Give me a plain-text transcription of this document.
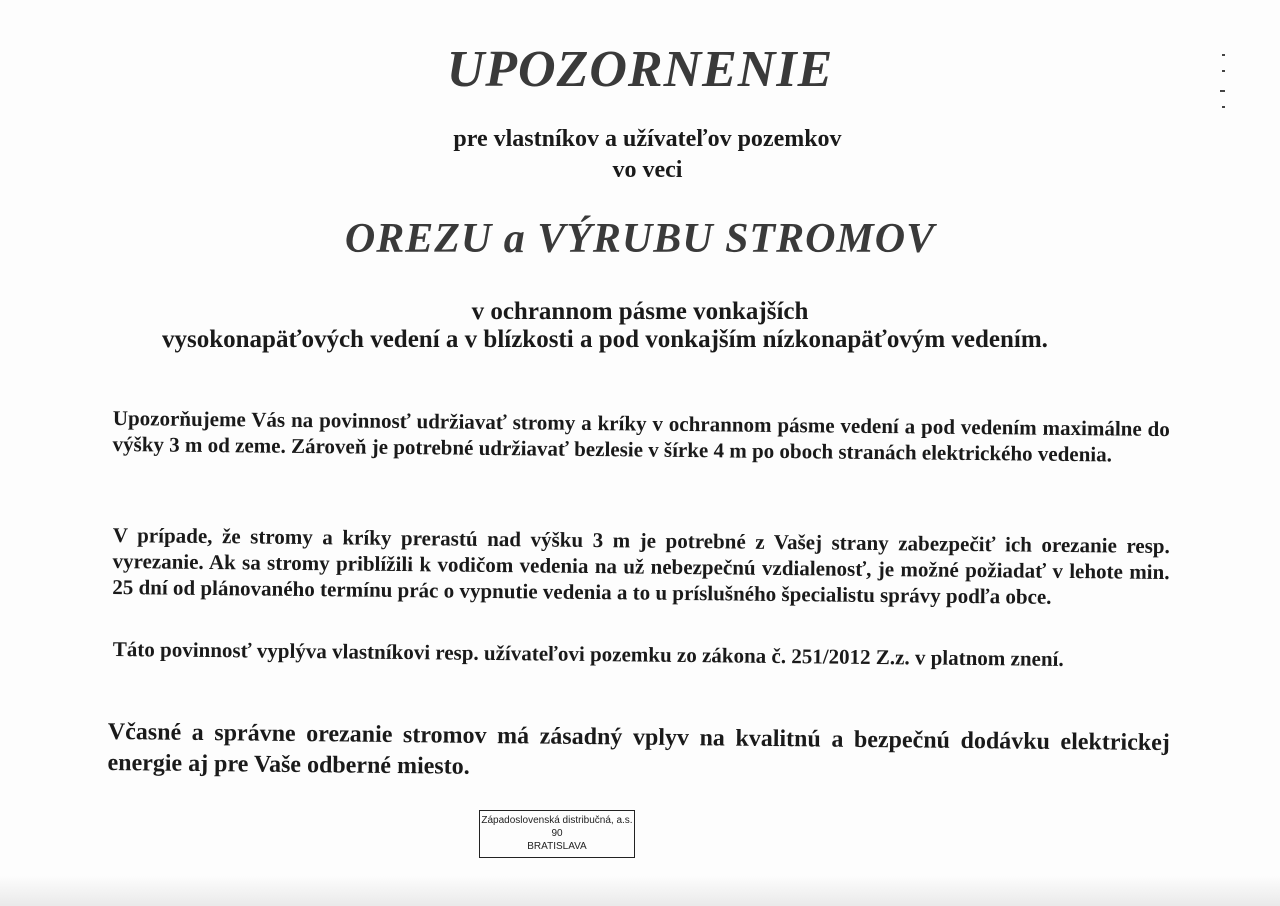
UPOZORNENIE

pre vlastníkov a užívateľov pozemkov

vo veci

OREZU a VÝRUBU STROMOV

v ochrannom pásme vonkajších

vysokonapäťových vedení a v blízkosti a pod vonkajším nízkonapäťovým vedením.

Upozorňujeme Vás na povinnosť udržiavať stromy a kríky v ochrannom pásme vedení a pod vedením maximálne do výšky 3 m od zeme. Zároveň je potrebné udržiavať bezlesie v šírke 4 m po oboch stranách elektrického vedenia.

V prípade, že stromy a kríky prerastú nad výšku 3 m je potrebné z Vašej strany zabezpečiť ich orezanie resp. vyrezanie. Ak sa stromy priblížili k vodičom vedenia na už nebezpečnú vzdialenosť, je možné požiadať v lehote min. 25 dní od plánovaného termínu prác o vypnutie vedenia a to u príslušného špecialistu správy podľa obce.

Táto povinnosť vyplýva vlastníkovi resp. užívateľovi pozemku zo zákona č. 251/2012 Z.z. v platnom znení.

Včasné a správne orezanie stromov má zásadný vplyv na kvalitnú a bezpečnú dodávku elektrickej energie aj pre Vaše odberné miesto.

Západoslovenská distribučná, a.s.
90
BRATISLAVA
